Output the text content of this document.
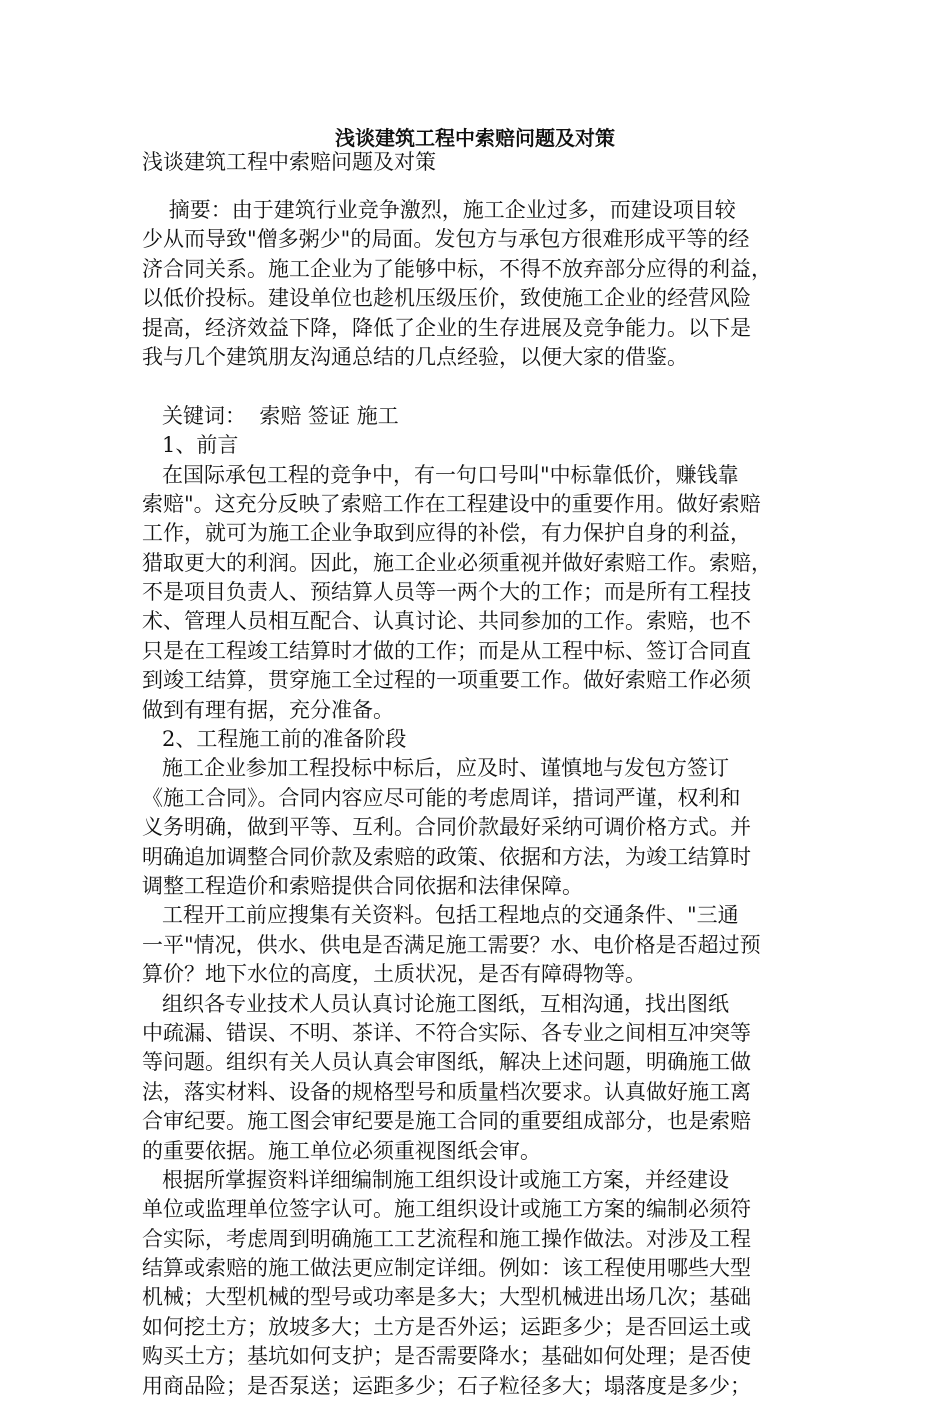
浅谈建筑工程中索赔问题及对策
浅谈建筑工程中索赔问题及对策
摘要：由于建筑行业竞争激烈，施工企业过多，而建设项目较
少从而导致"僧多粥少"的局面。发包方与承包方很难形成平等的经
济合同关系。施工企业为了能够中标，不得不放弃部分应得的利益，
以低价投标。建设单位也趁机压级压价，致使施工企业的经营风险
提高，经济效益下降，降低了企业的生存进展及竞争能力。以下是
我与几个建筑朋友沟通总结的几点经验，以便大家的借鉴。
关键词：  索赔 签证 施工
1、前言
在国际承包工程的竞争中，有一句口号叫"中标靠低价，赚钱靠
索赔"。这充分反映了索赔工作在工程建设中的重要作用。做好索赔
工作，就可为施工企业争取到应得的补偿，有力保护自身的利益，
猎取更大的利润。因此，施工企业必须重视并做好索赔工作。索赔，
不是项目负责人、预结算人员等一两个大的工作；而是所有工程技
术、管理人员相互配合、认真讨论、共同参加的工作。索赔，也不
只是在工程竣工结算时才做的工作；而是从工程中标、签订合同直
到竣工结算，贯穿施工全过程的一项重要工作。做好索赔工作必须
做到有理有据，充分准备。
2、工程施工前的准备阶段
施工企业参加工程投标中标后，应及时、谨慎地与发包方签订
《施工合同》。合同内容应尽可能的考虑周详，措词严谨，权利和
义务明确，做到平等、互利。合同价款最好采纳可调价格方式。并
明确追加调整合同价款及索赔的政策、依据和方法，为竣工结算时
调整工程造价和索赔提供合同依据和法律保障。
工程开工前应搜集有关资料。包括工程地点的交通条件、"三通
一平"情况，供水、供电是否满足施工需要？水、电价格是否超过预
算价？地下水位的高度，土质状况，是否有障碍物等。
组织各专业技术人员认真讨论施工图纸，互相沟通，找出图纸
中疏漏、错误、不明、茶详、不符合实际、各专业之间相互冲突等
等问题。组织有关人员认真会审图纸，解决上述问题，明确施工做
法，落实材料、设备的规格型号和质量档次要求。认真做好施工离
合审纪要。施工图会审纪要是施工合同的重要组成部分，也是索赔
的重要依据。施工单位必须重视图纸会审。
根据所掌握资料详细编制施工组织设计或施工方案，并经建设
单位或监理单位签字认可。施工组织设计或施工方案的编制必须符
合实际，考虑周到明确施工工艺流程和施工操作做法。对涉及工程
结算或索赔的施工做法更应制定详细。例如：该工程使用哪些大型
机械；大型机械的型号或功率是多大；大型机械进出场几次；基础
如何挖土方；放坡多大；土方是否外运；运距多少；是否回运土或
购买土方；基坑如何支护；是否需要降水；基础如何处理；是否使
用商品险；是否泵送；运距多少；石子粒径多大；塌落度是多少；
